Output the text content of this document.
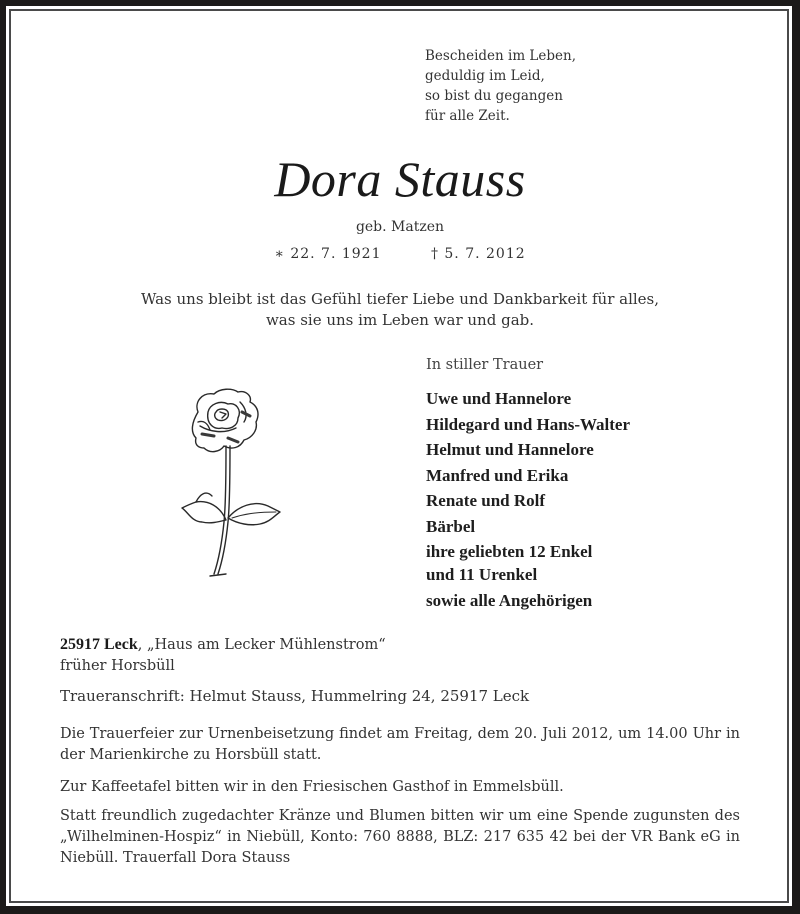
Bescheiden im Leben,
geduldig im Leid,
so bist du gegangen
für alle Zeit.
Dora Stauss
geb. Matzen
∗ 22. 7. 1921	† 5. 7. 2012
Was uns bleibt ist das Gefühl tiefer Liebe und Dankbarkeit für alles,
was sie uns im Leben war und gab.
In stiller Trauer
Uwe und Hannelore
Hildegard und Hans-Walter
Helmut und Hannelore
Manfred und Erika
Renate und Rolf
Bärbel
ihre geliebten 12 Enkel
und 11 Urenkel
sowie alle Angehörigen
25917 Leck, „Haus am Lecker Mühlenstrom“
früher Horsbüll
Traueranschrift: Helmut Stauss, Hummelring 24, 25917 Leck
Die Trauerfeier zur Urnenbeisetzung findet am Freitag, dem 20. Juli 2012, um 14.00 Uhr in der Marienkirche zu Horsbüll statt.
Zur Kaffeetafel bitten wir in den Friesischen Gasthof in Emmelsbüll.
Statt freundlich zugedachter Kränze und Blumen bitten wir um eine Spende zugunsten des „Wilhelminen-Hospiz“ in Niebüll, Konto: 760 8888, BLZ: 217 635 42 bei der VR Bank eG in Niebüll. Trauerfall Dora Stauss
